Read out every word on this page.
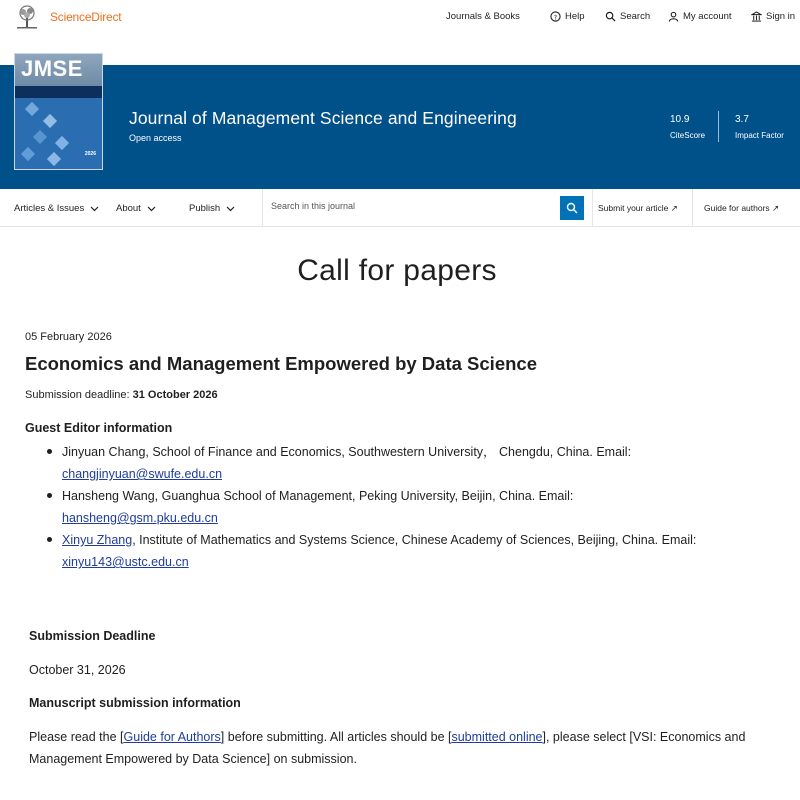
ScienceDirect	Journals & Books	? Help	Search	My account	Sign in
JMSE
2026
Journal of Management Science and Engineering
Open access
10.9
CiteScore
3.7
Impact Factor
Articles & Issues	About	Publish
Search in this journal	Submit your article ↗	Guide for authors ↗
Call for papers
05 February 2026
Economics and Management Empowered by Data Science
Submission deadline: 31 October 2026
Guest Editor information
Jinyuan Chang, School of Finance and Economics, Southwestern University， Chengdu, China. Email:
changjinyuan@swufe.edu.cn
Hansheng Wang, Guanghua School of Management, Peking University, Beijin, China. Email:
hansheng@gsm.pku.edu.cn
Xinyu Zhang, Institute of Mathematics and Systems Science, Chinese Academy of Sciences, Beijing, China. Email:
xinyu143@ustc.edu.cn
Submission Deadline
October 31, 2026
Manuscript submission information
Please read the [Guide for Authors] before submitting. All articles should be [submitted online], please select [VSI: Economics and Management Empowered by Data Science] on submission.
